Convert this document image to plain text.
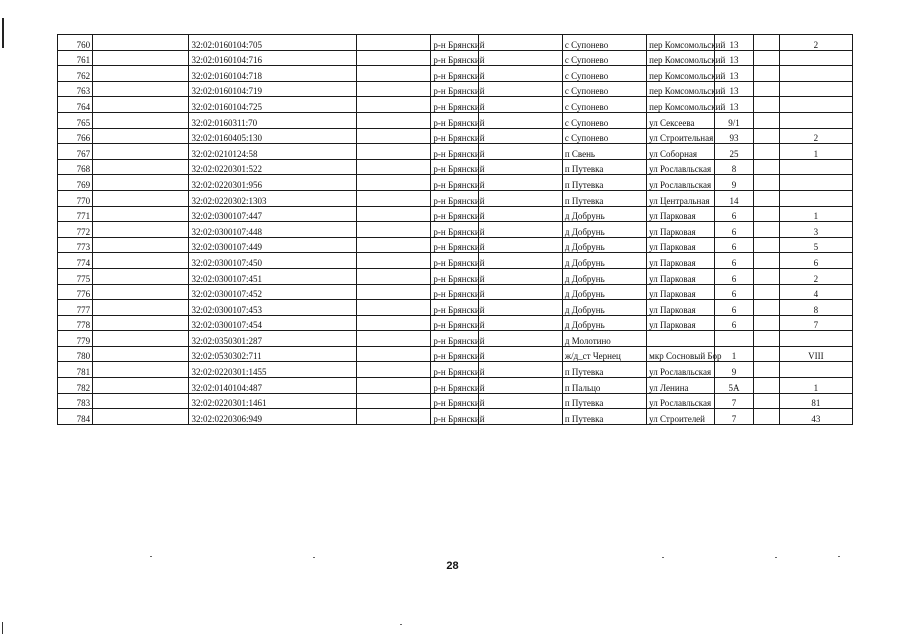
760		32:02:0160104:705		р-н Брянский		с Супонево	пер Комсомольский	13		2
761		32:02:0160104:716		р-н Брянский		с Супонево	пер Комсомольский	13		
762		32:02:0160104:718		р-н Брянский		с Супонево	пер Комсомольский	13		
763		32:02:0160104:719		р-н Брянский		с Супонево	пер Комсомольский	13		
764		32:02:0160104:725		р-н Брянский		с Супонево	пер Комсомольский	13		
765		32:02:0160311:70		р-н Брянский		с Супонево	ул Сексеева	9/1		
766		32:02:0160405:130		р-н Брянский		с Супонево	ул Строительная	93		2
767		32:02:0210124:58		р-н Брянский		п Свень	ул Соборная	25		1
768		32:02:0220301:522		р-н Брянский		п Путевка	ул Рославльская	8		
769		32:02:0220301:956		р-н Брянский		п Путевка	ул Рославльская	9		
770		32:02:0220302:1303		р-н Брянский		п Путевка	ул Центральная	14		
771		32:02:0300107:447		р-н Брянский		д Добрунь	ул Парковая	6		1
772		32:02:0300107:448		р-н Брянский		д Добрунь	ул Парковая	6		3
773		32:02:0300107:449		р-н Брянский		д Добрунь	ул Парковая	6		5
774		32:02:0300107:450		р-н Брянский		д Добрунь	ул Парковая	6		6
775		32:02:0300107:451		р-н Брянский		д Добрунь	ул Парковая	6		2
776		32:02:0300107:452		р-н Брянский		д Добрунь	ул Парковая	6		4
777		32:02:0300107:453		р-н Брянский		д Добрунь	ул Парковая	6		8
778		32:02:0300107:454		р-н Брянский		д Добрунь	ул Парковая	6		7
779		32:02:0350301:287		р-н Брянский		д Молотино				
780		32:02:0530302:711		р-н Брянский		ж/д_ст Чернец	мкр Сосновый Бор	1		VIII
781		32:02:0220301:1455		р-н Брянский		п Путевка	ул Рославльская	9		
782		32:02:0140104:487		р-н Брянский		п Пальцо	ул Ленина	5А		1
783		32:02:0220301:1461		р-н Брянский		п Путевка	ул Рославльская	7		81
784		32:02:0220306:949		р-н Брянский		п Путевка	ул Строителей	7		43
28
